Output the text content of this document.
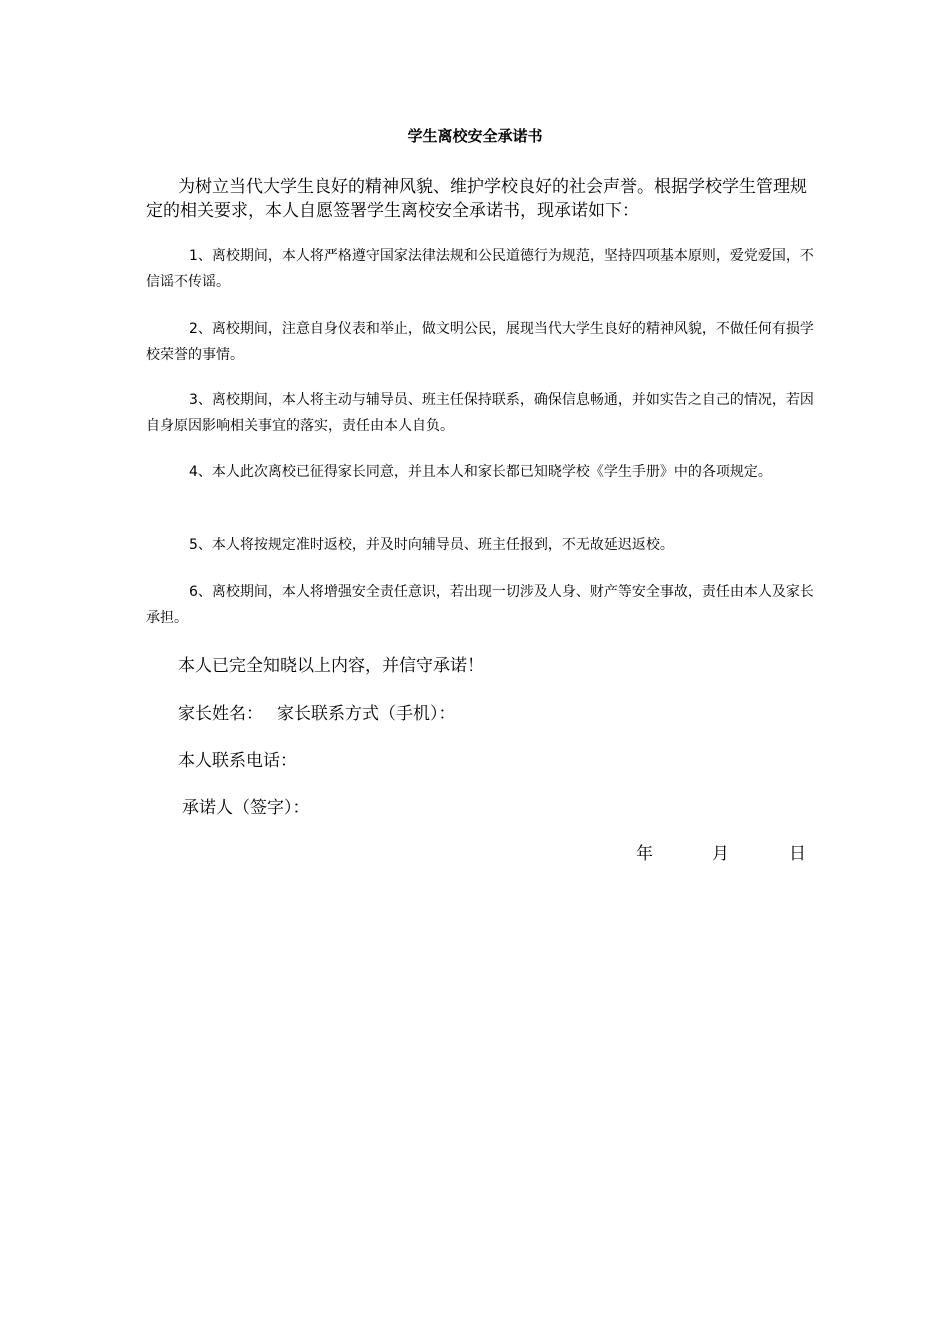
学生离校安全承诺书
为树立当代大学生良好的精神风貌、维护学校良好的社会声誉。根据学校学生管理规定的相关要求，本人自愿签署学生离校安全承诺书，现承诺如下：
1、离校期间，本人将严格遵守国家法律法规和公民道德行为规范，坚持四项基本原则，爱党爱国，不信谣不传谣。
2、离校期间，注意自身仪表和举止，做文明公民，展现当代大学生良好的精神风貌，不做任何有损学校荣誉的事情。
3、离校期间，本人将主动与辅导员、班主任保持联系，确保信息畅通，并如实告之自己的情况，若因自身原因影响相关事宜的落实，责任由本人自负。
4、本人此次离校已征得家长同意，并且本人和家长都已知晓学校《学生手册》中的各项规定。
5、本人将按规定准时返校，并及时向辅导员、班主任报到，不无故延迟返校。
6、离校期间，本人将增强安全责任意识，若出现一切涉及人身、财产等安全事故，责任由本人及家长承担。
本人已完全知晓以上内容，并信守承诺！
家长姓名： 家长联系方式（手机）：
本人联系电话：
承诺人（签字）：
年	月	日
